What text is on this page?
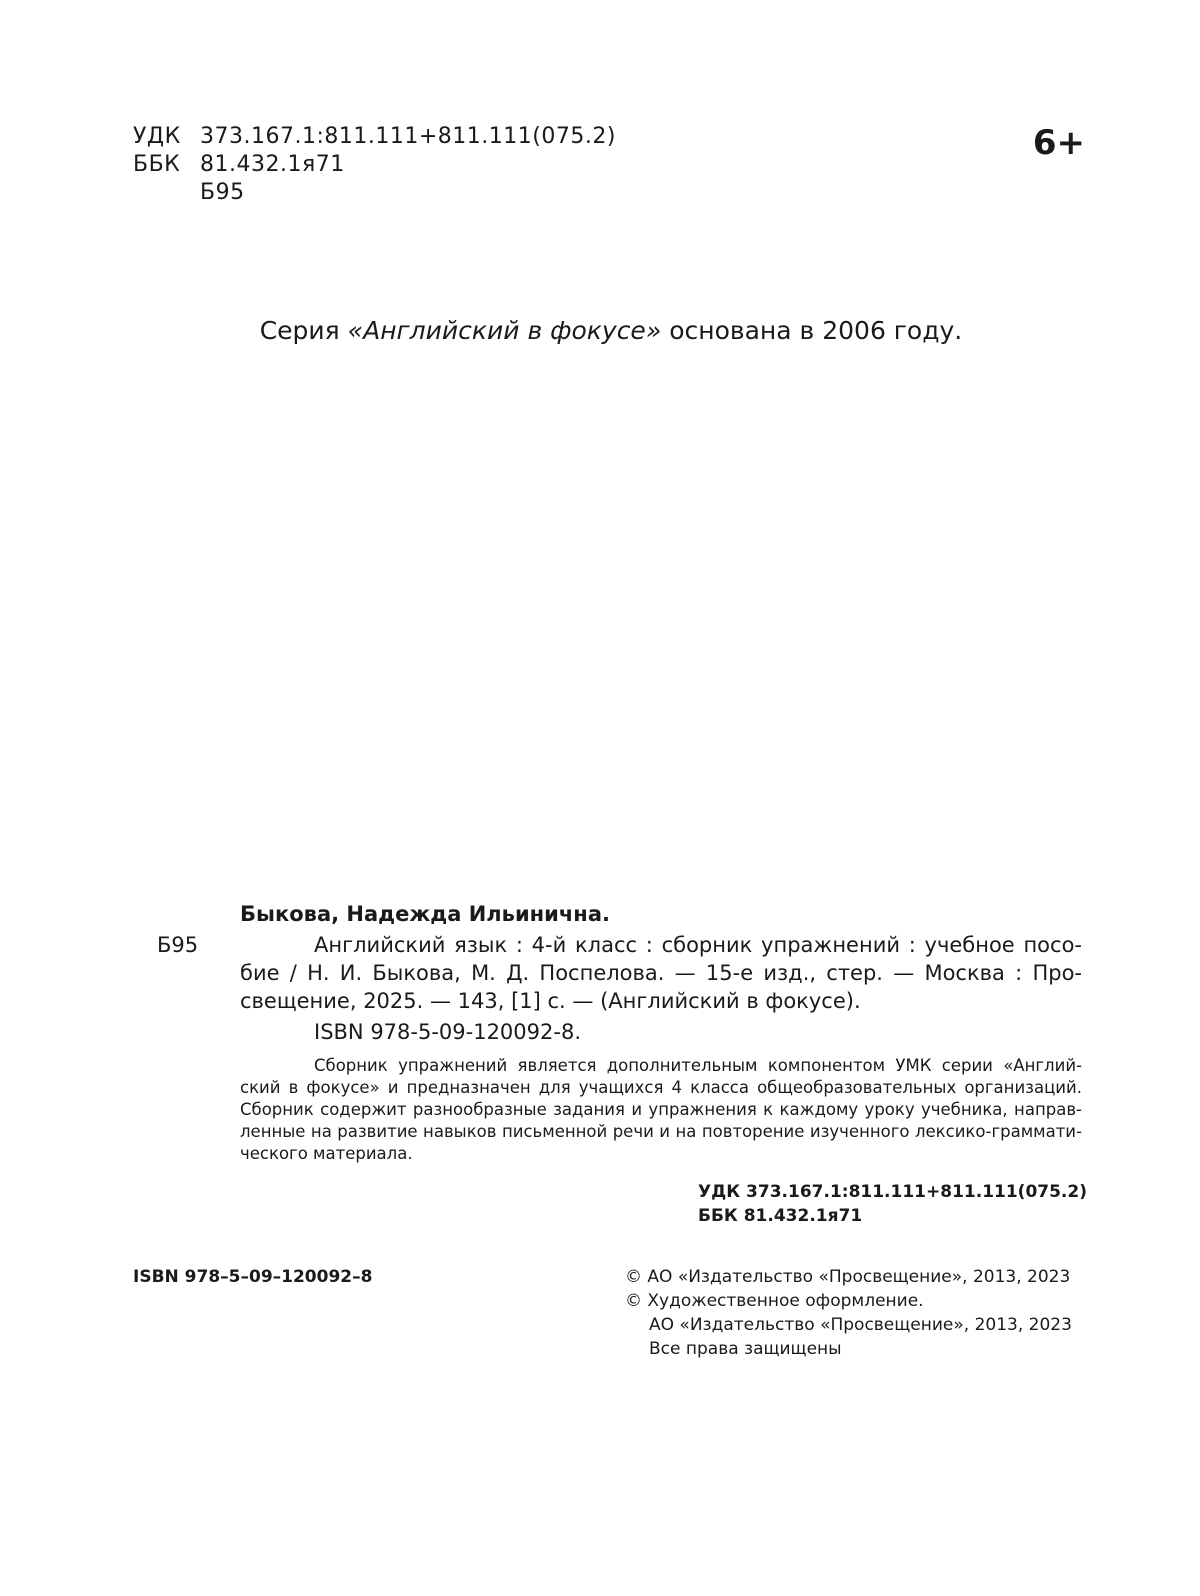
УДК 373.167.1:811.111+811.111(075.2)
ББК 81.432.1я71
Б95
6+
Серия «Английский в фокусе» основана в 2006 году.
Быкова, Надежда Ильинична.
Б95	Английский язык : 4-й класс : сборник упражнений : учебное посо-
бие / Н. И. Быкова, М. Д. Поспелова. — 15-е изд., стер. — Москва : Про-
свещение, 2025. — 143, [1] с. — (Английский в фокусе).
ISBN 978-5-09-120092-8.
Сборник упражнений является дополнительным компонентом УМК серии «Англий-
ский в фокусе» и предназначен для учащихся 4 класса общеобразовательных организаций.
Сборник содержит разнообразные задания и упражнения к каждому уроку учебника, направ-
ленные на развитие навыков письменной речи и на повторение изученного лексико-граммати-
ческого материала.
УДК 373.167.1:811.111+811.111(075.2)
ББК 81.432.1я71
ISBN 978–5–09–120092–8	© АО «Издательство «Просвещение», 2013, 2023
© Художественное оформление.
АО «Издательство «Просвещение», 2013, 2023
Все права защищены
